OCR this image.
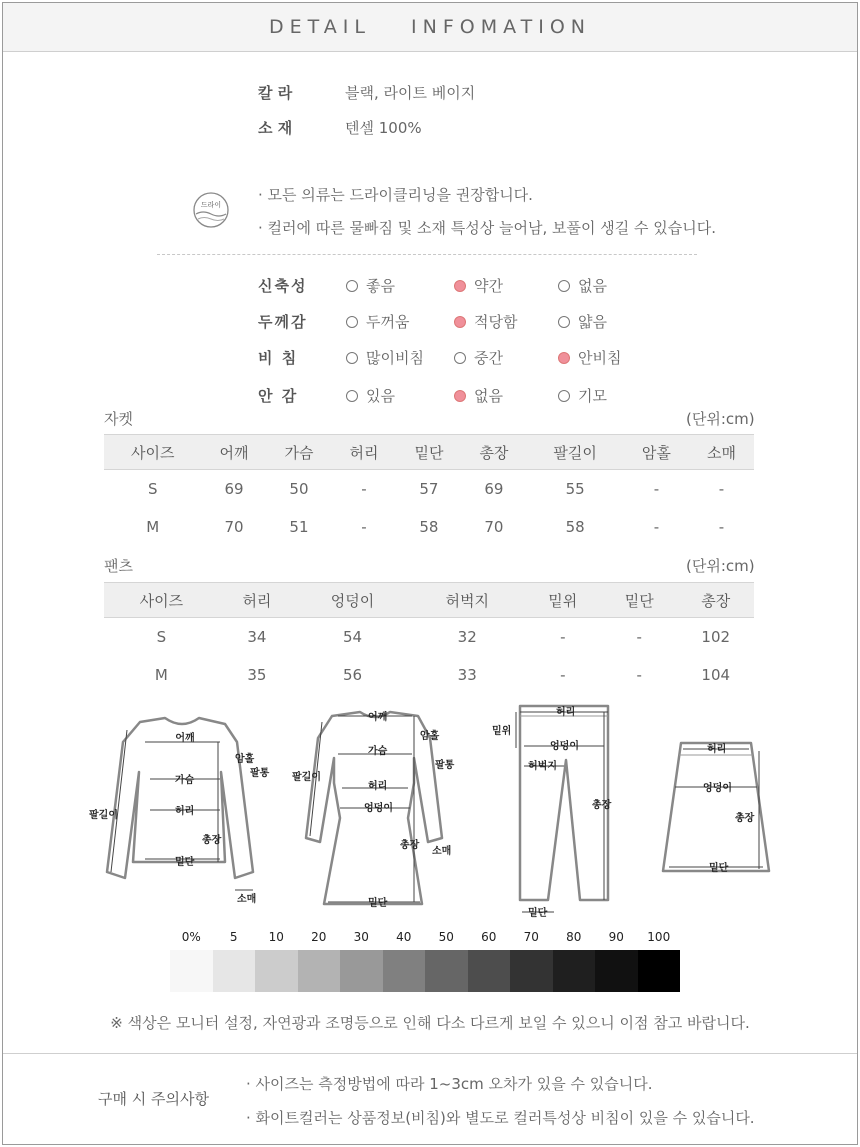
DETAIL INFOMATION
칼 라	블랙, 라이트 베이지
소 재	텐셀 100%
드라이
· 모든 의류는 드라이클리닝을 권장합니다.
· 컬러에 따른 물빠짐 및 소재 특성상 늘어남, 보풀이 생길 수 있습니다.
신축성	좋음	약간	없음
두께감	두꺼움	적당함	얇음
비 침	많이비침	중간	안비침
안 감	있음	없음	기모
자켓	(단위:cm)
사이즈	어깨	가슴	허리	밑단	총장	팔길이	암홀	소매
S	69	50	-	57	69	55	-	-
M	70	51	-	58	70	58	-	-
팬츠	(단위:cm)
사이즈	허리	엉덩이	허벅지	밑위	밑단	총장
S	34	54	32	-	-	102
M	35	56	33	-	-	104
어깨
암홀
팔통
팔길이
가슴
허리
총장
밑단
소매
어깨
암홀
가슴
팔통
팔길이
허리
엉덩이
총장
소매
밑단
허리
밑위
엉덩이
허벅지
총장
밑단
허리
엉덩이
총장
밑단
0%	5	10	20	30	40	50	60	70	80	90	100
※ 색상은 모니터 설정, 자연광과 조명등으로 인해 다소 다르게 보일 수 있으니 이점 참고 바랍니다.
구매 시 주의사항
· 사이즈는 측정방법에 따라 1~3cm 오차가 있을 수 있습니다.
· 화이트컬러는 상품정보(비침)와 별도로 컬러특성상 비침이 있을 수 있습니다.
